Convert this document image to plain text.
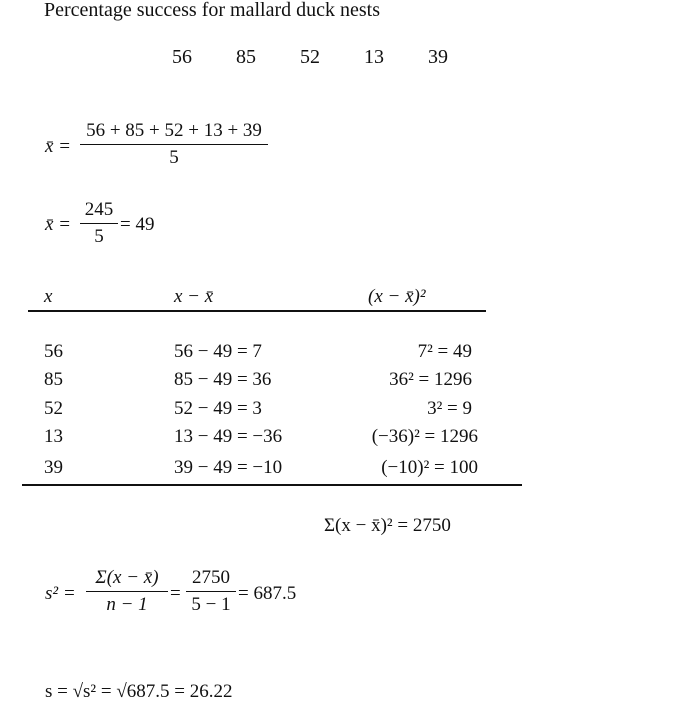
Percentage success for mallard duck nests
56 85 52 13 39
x̄ =
56 + 85 + 52 + 13 + 39
5
x̄ =
245
5
= 49
x	x − x̄	(x − x̄)²
56	56 − 49 = 7	7² = 49
85	85 − 49 = 36	36² = 1296
52	52 − 49 = 3	3² = 9
13	13 − 49 = −36	(−36)² = 1296
39	39 − 49 = −10	(−10)² = 100
Σ(x − x̄)² = 2750
s² =
Σ(x − x̄)
n − 1
=
2750
5 − 1
= 687.5
s = √s² = √687.5 = 26.22
